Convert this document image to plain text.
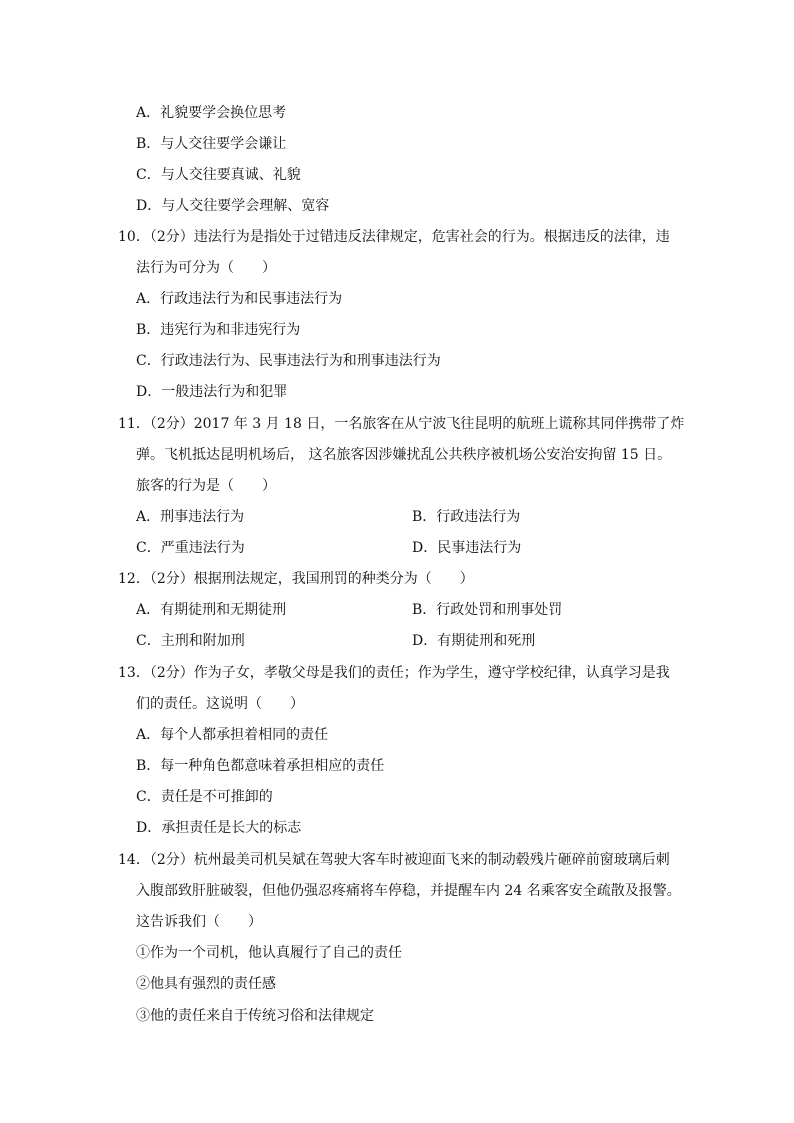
A．礼貌要学会换位思考
B．与人交往要学会谦让
C．与人交往要真诚、礼貌
D．与人交往要学会理解、宽容
10．（2分）违法行为是指处于过错违反法律规定，危害社会的行为。根据违反的法律，违
法行为可分为（　　）
A．行政违法行为和民事违法行为
B．违宪行为和非违宪行为
C．行政违法行为、民事违法行为和刑事违法行为
D．一般违法行为和犯罪
11．（2分）2017 年 3 月 18 日，一名旅客在从宁波飞往昆明的航班上谎称其同伴携带了炸
弹。飞机抵达昆明机场后， 这名旅客因涉嫌扰乱公共秩序被机场公安治安拘留 15 日。
旅客的行为是（　　）
A．刑事违法行为	B．行政违法行为
C．严重违法行为	D．民事违法行为
12．（2分）根据刑法规定，我国刑罚的种类分为（　　）
A．有期徒刑和无期徒刑	B．行政处罚和刑事处罚
C．主刑和附加刑	D．有期徒刑和死刑
13．（2分）作为子女，孝敬父母是我们的责任；作为学生，遵守学校纪律，认真学习是我
们的责任。这说明（　　）
A．每个人都承担着相同的责任
B．每一种角色都意味着承担相应的责任
C．责任是不可推卸的
D．承担责任是长大的标志
14．（2分）杭州最美司机吴斌在驾驶大客车时被迎面飞来的制动毂残片砸碎前窗玻璃后刺
入腹部致肝脏破裂，但他仍强忍疼痛将车停稳，并提醒车内 24 名乘客安全疏散及报警。
这告诉我们（　　）
①作为一个司机，他认真履行了自己的责任
②他具有强烈的责任感
③他的责任来自于传统习俗和法律规定
